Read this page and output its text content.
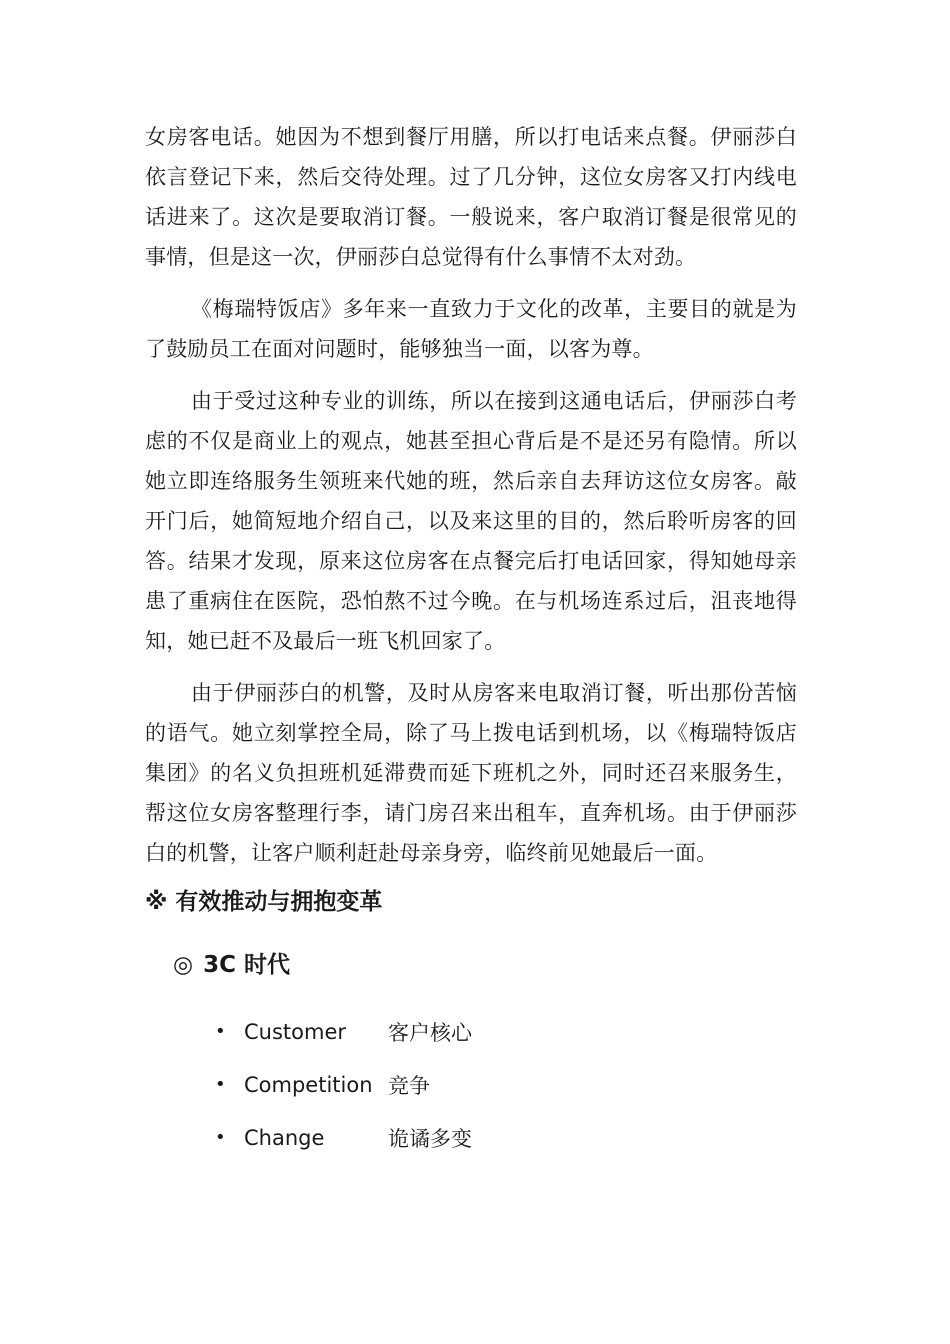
女房客电话。她因为不想到餐厅用膳，所以打电话来点餐。伊丽莎白依言登记下来，然后交待处理。过了几分钟，这位女房客又打内线电话进来了。这次是要取消订餐。一般说来，客户取消订餐是很常见的事情，但是这一次，伊丽莎白总觉得有什么事情不太对劲。

《梅瑞特饭店》多年来一直致力于文化的改革，主要目的就是为了鼓励员工在面对问题时，能够独当一面，以客为尊。

由于受过这种专业的训练，所以在接到这通电话后，伊丽莎白考虑的不仅是商业上的观点，她甚至担心背后是不是还另有隐情。所以她立即连络服务生领班来代她的班，然后亲自去拜访这位女房客。敲开门后，她简短地介绍自己，以及来这里的目的，然后聆听房客的回答。结果才发现，原来这位房客在点餐完后打电话回家，得知她母亲患了重病住在医院，恐怕熬不过今晚。在与机场连系过后，沮丧地得知，她已赶不及最后一班飞机回家了。

由于伊丽莎白的机警，及时从房客来电取消订餐，听出那份苦恼的语气。她立刻掌控全局，除了马上拨电话到机场，以《梅瑞特饭店集团》的名义负担班机延滞费而延下班机之外，同时还召来服务生，帮这位女房客整理行李，请门房召来出租车，直奔机场。由于伊丽莎白的机警，让客户顺利赶赴母亲身旁，临终前见她最后一面。

※ 有效推动与拥抱变革
◎ 3C 时代
• Customer	客户核心
• Competition 竞争
• Change	诡谲多变
